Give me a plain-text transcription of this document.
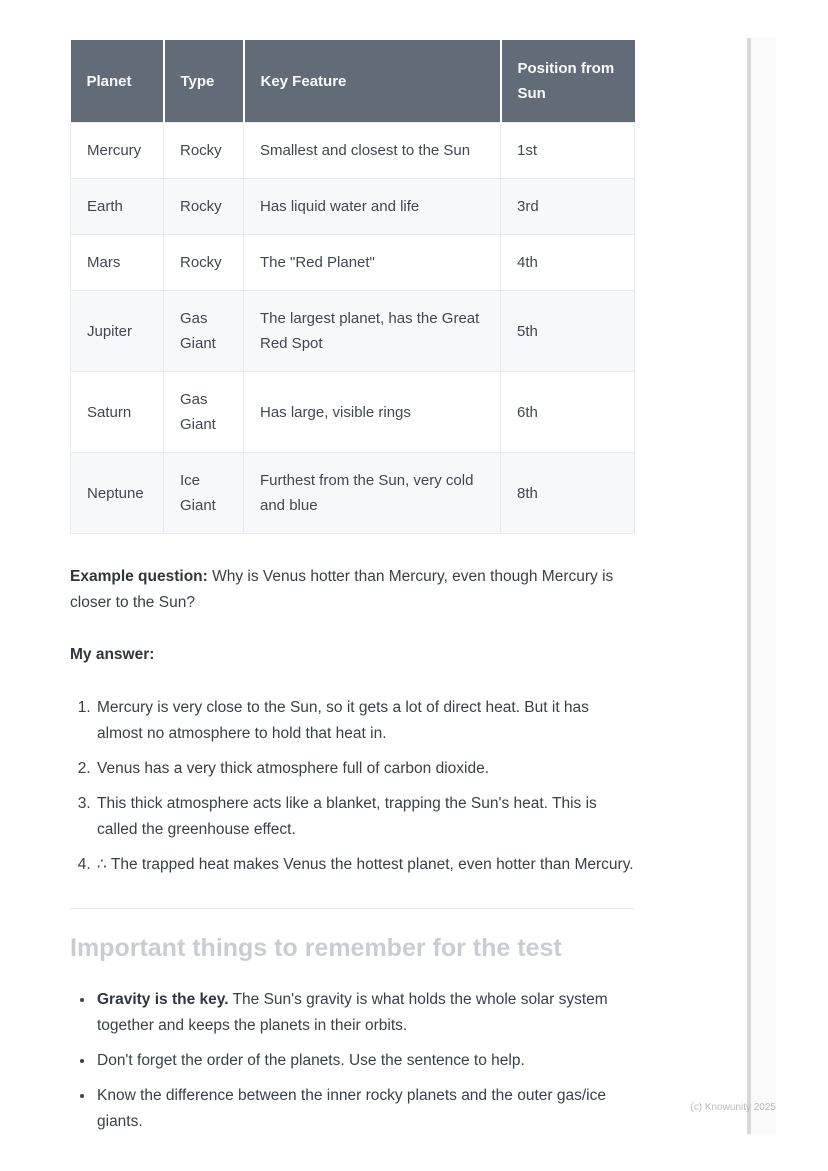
Planet	Type	Key Feature	Position from Sun
Mercury	Rocky	Smallest and closest to the Sun	1st
Earth	Rocky	Has liquid water and life	3rd
Mars	Rocky	The "Red Planet"	4th
Jupiter	Gas Giant	The largest planet, has the Great Red Spot	5th
Saturn	Gas Giant	Has large, visible rings	6th
Neptune	Ice Giant	Furthest from the Sun, very cold and blue	8th

Example question: Why is Venus hotter than Mercury, even though Mercury is closer to the Sun?

My answer:

1. Mercury is very close to the Sun, so it gets a lot of direct heat. But it has almost no atmosphere to hold that heat in.
2. Venus has a very thick atmosphere full of carbon dioxide.
3. This thick atmosphere acts like a blanket, trapping the Sun's heat. This is called the greenhouse effect.
4. ∴ The trapped heat makes Venus the hottest planet, even hotter than Mercury.
Important things to remember for the test
• Gravity is the key. The Sun's gravity is what holds the whole solar system together and keeps the planets in their orbits.
• Don't forget the order of the planets. Use the sentence to help.
• Know the difference between the inner rocky planets and the outer gas/ice giants.
(c) Knowunity 2025
